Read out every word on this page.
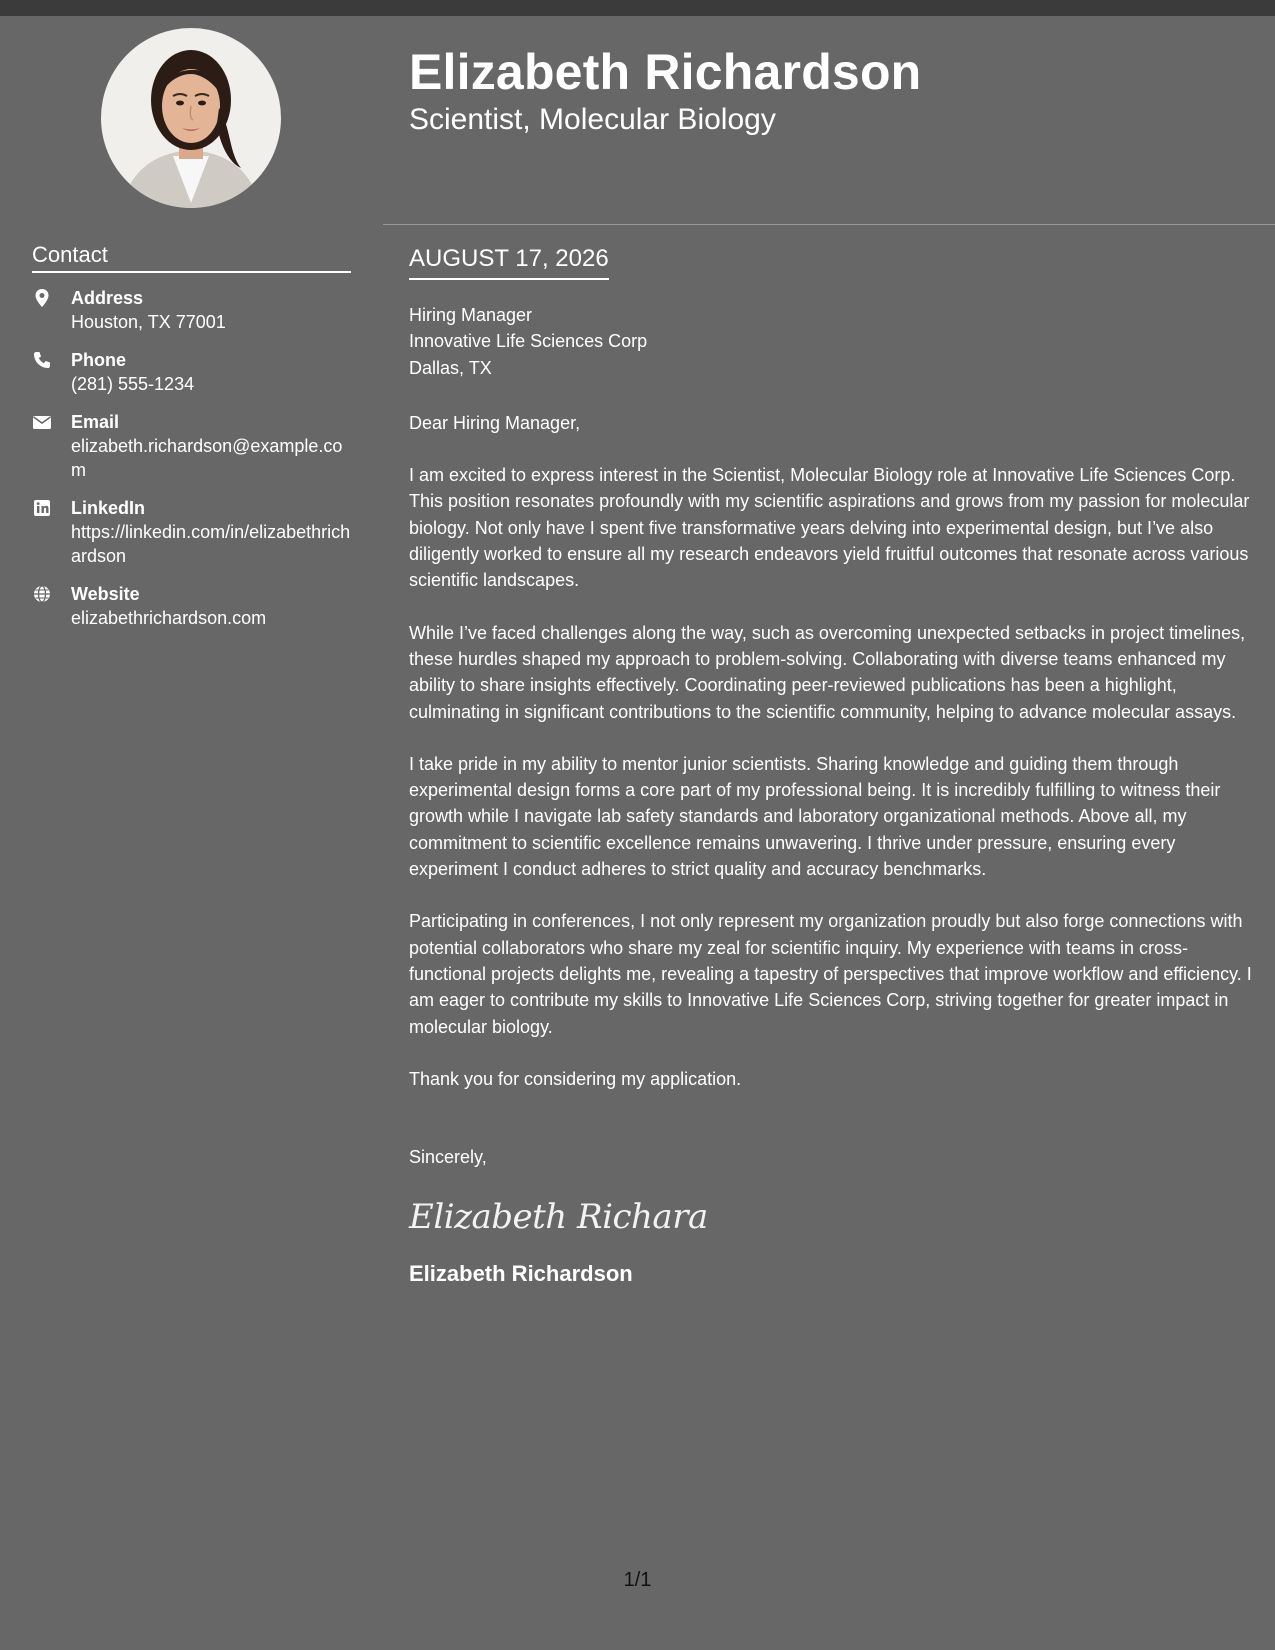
Contact
Address
Houston, TX 77001
Phone
(281) 555-1234
Email
elizabeth.richardson@example.com
LinkedIn
https://linkedin.com/in/elizabethrichardson
Website
elizabethrichardson.com
Elizabeth Richardson
Scientist, Molecular Biology
AUGUST 17, 2026
Hiring Manager
Innovative Life Sciences Corp
Dallas, TX
Dear Hiring Manager,
I am excited to express interest in the Scientist, Molecular Biology role at Innovative Life Sciences Corp. This position resonates profoundly with my scientific aspirations and grows from my passion for molecular biology. Not only have I spent five transformative years delving into experimental design, but I’ve also diligently worked to ensure all my research endeavors yield fruitful outcomes that resonate across various scientific landscapes.
While I’ve faced challenges along the way, such as overcoming unexpected setbacks in project timelines, these hurdles shaped my approach to problem-solving. Collaborating with diverse teams enhanced my ability to share insights effectively. Coordinating peer-reviewed publications has been a highlight, culminating in significant contributions to the scientific community, helping to advance molecular assays.
I take pride in my ability to mentor junior scientists. Sharing knowledge and guiding them through experimental design forms a core part of my professional being. It is incredibly fulfilling to witness their growth while I navigate lab safety standards and laboratory organizational methods. Above all, my commitment to scientific excellence remains unwavering. I thrive under pressure, ensuring every experiment I conduct adheres to strict quality and accuracy benchmarks.
Participating in conferences, I not only represent my organization proudly but also forge connections with potential collaborators who share my zeal for scientific inquiry. My experience with teams in cross-functional projects delights me, revealing a tapestry of perspectives that improve workflow and efficiency. I am eager to contribute my skills to Innovative Life Sciences Corp, striving together for greater impact in molecular biology.
Thank you for considering my application.
Sincerely,
Elizabeth Richara
Elizabeth Richardson
1/1
